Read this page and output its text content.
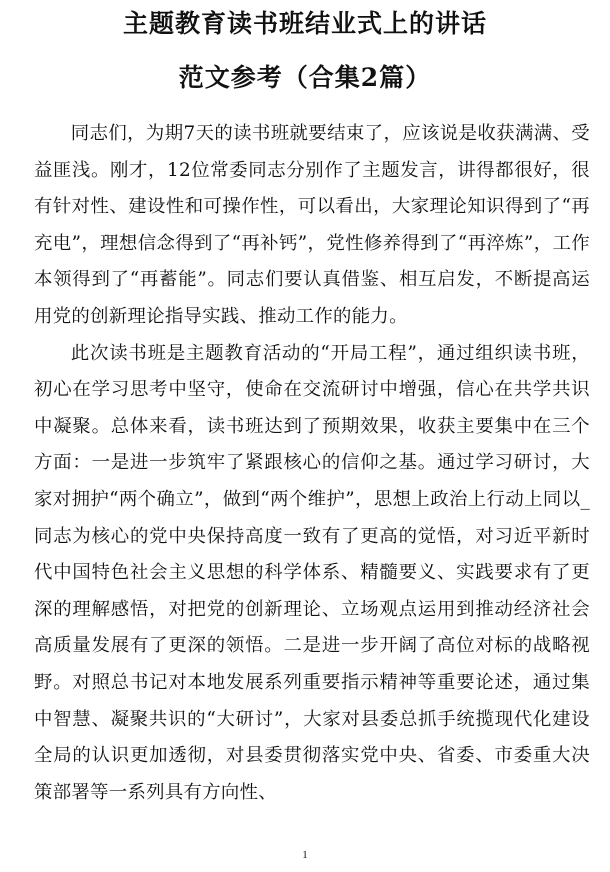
主题教育读书班结业式上的讲话
范文参考（合集2篇）

同志们，为期7天的读书班就要结束了，应该说是收获满满、受益匪浅。刚才，12位常委同志分别作了主题发言，讲得都很好，很有针对性、建设性和可操作性，可以看出，大家理论知识得到了“再充电”，理想信念得到了“再补钙”，党性修养得到了“再淬炼”，工作本领得到了“再蓄能”。同志们要认真借鉴、相互启发，不断提高运用党的创新理论指导实践、推动工作的能力。

此次读书班是主题教育活动的“开局工程”，通过组织读书班，初心在学习思考中坚守，使命在交流研讨中增强，信心在共学共识中凝聚。总体来看，读书班达到了预期效果，收获主要集中在三个方面：一是进一步筑牢了紧跟核心的信仰之基。通过学习研讨，大家对拥护“两个确立”，做到“两个维护”，思想上政治上行动上同以_同志为核心的党中央保持高度一致有了更高的觉悟，对习近平新时代中国特色社会主义思想的科学体系、精髓要义、实践要求有了更深的理解感悟，对把党的创新理论、立场观点运用到推动经济社会高质量发展有了更深的领悟。二是进一步开阔了高位对标的战略视野。对照总书记对本地发展系列重要指示精神等重要论述，通过集中智慧、凝聚共识的“大研讨”，大家对县委总抓手统揽现代化建设全局的认识更加透彻，对县委贯彻落实党中央、省委、市委重大决策部署等一系列具有方向性、

1
